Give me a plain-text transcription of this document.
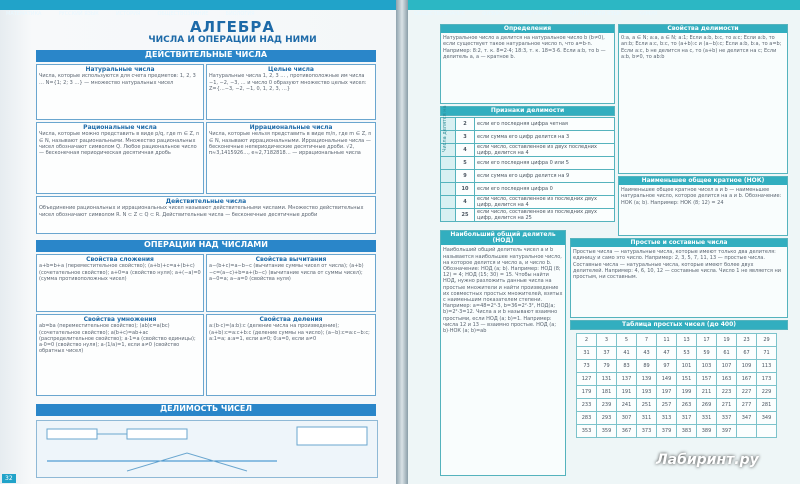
МАТЕМАТИКА	РУССКИЙ ЯЗЫК	ИСТОРИЯ	ОБЩЕСТВОЗНАНИЕ	БИОЛОГИЯ
АЛГЕБРА
ЧИСЛА И ОПЕРАЦИИ НАД НИМИ
ДЕЙСТВИТЕЛЬНЫЕ ЧИСЛА
Натуральные числа
Числа, которые используются для счета предметов: 1, 2, 3 … N={1; 2; 3 …} — множество натуральных чисел
Целые числа
Натуральные числа 1, 2, 3 … , противоположные им числа −1, −2, −3, … и число 0 образуют множество целых чисел: Z={…−3, −2, −1, 0, 1, 2, 3, …}
Рациональные числа
Числа, которые можно представить в виде p/q, где m ∈ Z, n ∈ N, называют рациональными. Множество рациональных чисел обозначают символом Q. Любое рациональное число — бесконечная периодическая десятичная дробь
Иррациональные числа
Числа, которые нельзя представить в виде m/n, где m ∈ Z, n ∈ N, называют иррациональными. Иррациональные числа — бесконечные непериодические десятичные дроби. √2, π≈3,1415926…, e≈2,7182818… — иррациональные числа
Действительные числа
Объединение рациональных и иррациональных чисел называют действительными числами. Множество действительных чисел обозначают символом R. N ⊂ Z ⊂ Q ⊂ R. Действительные числа — бесконечные десятичные дроби
ОПЕРАЦИИ НАД ЧИСЛАМИ
Свойства сложения
a+b=b+a (переместительное свойство); (a+b)+c=a+(b+c) (сочетательное свойство); a+0=a (свойство нуля); a+(−a)=0 (сумма противоположных чисел)
Свойства вычитания
a−(b+c)=a−b−c (вычитание суммы чисел от числа); (a+b)−c=(a−c)+b=a+(b−c) (вычитание числа от суммы чисел); a−0=a; a−a=0 (свойства нуля)
Свойства умножения
ab=ba (переместительное свойство); (ab)c=a(bc) (сочетательное свойство); a(b+c)=ab+ac (распределительное свойство); a·1=a (свойство единицы); a·0=0 (свойство нуля); a·(1/a)=1, если a≠0 (свойство обратных чисел)
Свойства деления
a:(b·c)=(a:b):c (деление числа на произведение); (a+b):c=a:c+b:c (деление суммы на число); (a−b):c=a:c−b:c; a:1=a; a:a=1, если a≠0; 0:a=0, если a≠0
ДЕЛИМОСТЬ ЧИСЕЛ
32
ОБЩЕСТВОЗНАНИЕ	ФИЗИКА	ГЕОГРАФИЯ	АНГЛИЙСКИЙ ЯЗЫК	ХИМИЯ
Определения
Натуральное число a делится на натуральное число b (b≠0), если существует такое натуральное число n, что a=b·n. Например: 8:2, т. к. 8=2·4; 18:3, т. к. 18=3·6. Если a:b, то b — делитель a, a — кратное b.
Свойства делимости
0:a, a ∈ N; a:a, a ∈ N; a:1; Если a:b, b:c, то a:c; Если a:b, то an:b; Если a:c, b:c, то (a+b):c и (a−b):c; Если a:b, b:a, то a=b; Если a:c, b не делится на c, то (a+b) не делится на c; Если a:b, b≠0, то ab:b
Признаки делимости
	2	если его последняя цифра четная
	3	если сумма его цифр делится на 3
	4	если число, составленное из двух последних цифр, делится на 4
	5	если его последняя цифра 0 или 5
	9	если сумма его цифр делится на 9
	10	если его последняя цифра 0
	4	если число, составленное из последних двух цифр, делится на 4
	25	если число, составленное из последних двух цифр, делится на 25
Числа делятся на
Наименьшее общее кратное (НОК)
Наименьшее общее кратное чисел a и b — наименьшее натуральное число, которое делится на a и b. Обозначение: НОК (a; b). Например: НОК (8; 12) = 24
Наибольший общий делитель (НОД)
Наибольший общий делитель чисел a и b называется наибольшее натуральное число, на которое делится и число a, и число b. Обозначение: НОД (a; b). Например: НОД (8; 12) = 4; НОД (15; 30) = 15. Чтобы найти НОД, нужно разложить данные числа на простые множители и найти произведение их совместных простых множителей, взятых с наименьшим показателем степени. Например: a=48=2⁴·3, b=36=2²·3², НОД(a; b)=2²·3=12. Числа a и b называют взаимно простыми, если НОД (a; b)=1. Например: числа 12 и 13 — взаимно простые. НОД (a; b)·НОК (a; b)=ab
Простые и составные числа
Простые числа — натуральные числа, которые имеют только два делителя: единицу и само это число. Например: 2, 3, 5, 7, 11, 13 — простые числа. Составные числа — натуральные числа, которые имеют более двух делителей. Например: 4, 6, 10, 12 — составные числа. Число 1 не является ни простым, ни составным.
Таблица простых чисел (до 400)
2	3	5	7	11	13	17	19	23	29
31	37	41	43	47	53	59	61	67	71
73	79	83	89	97	101	103	107	109	113
127	131	137	139	149	151	157	163	167	173
179	181	191	193	197	199	211	223	227	229
233	239	241	251	257	263	269	271	277	281
283	293	307	311	313	317	331	337	347	349
353	359	367	373	379	383	389	397		
Лабиринт.ру
